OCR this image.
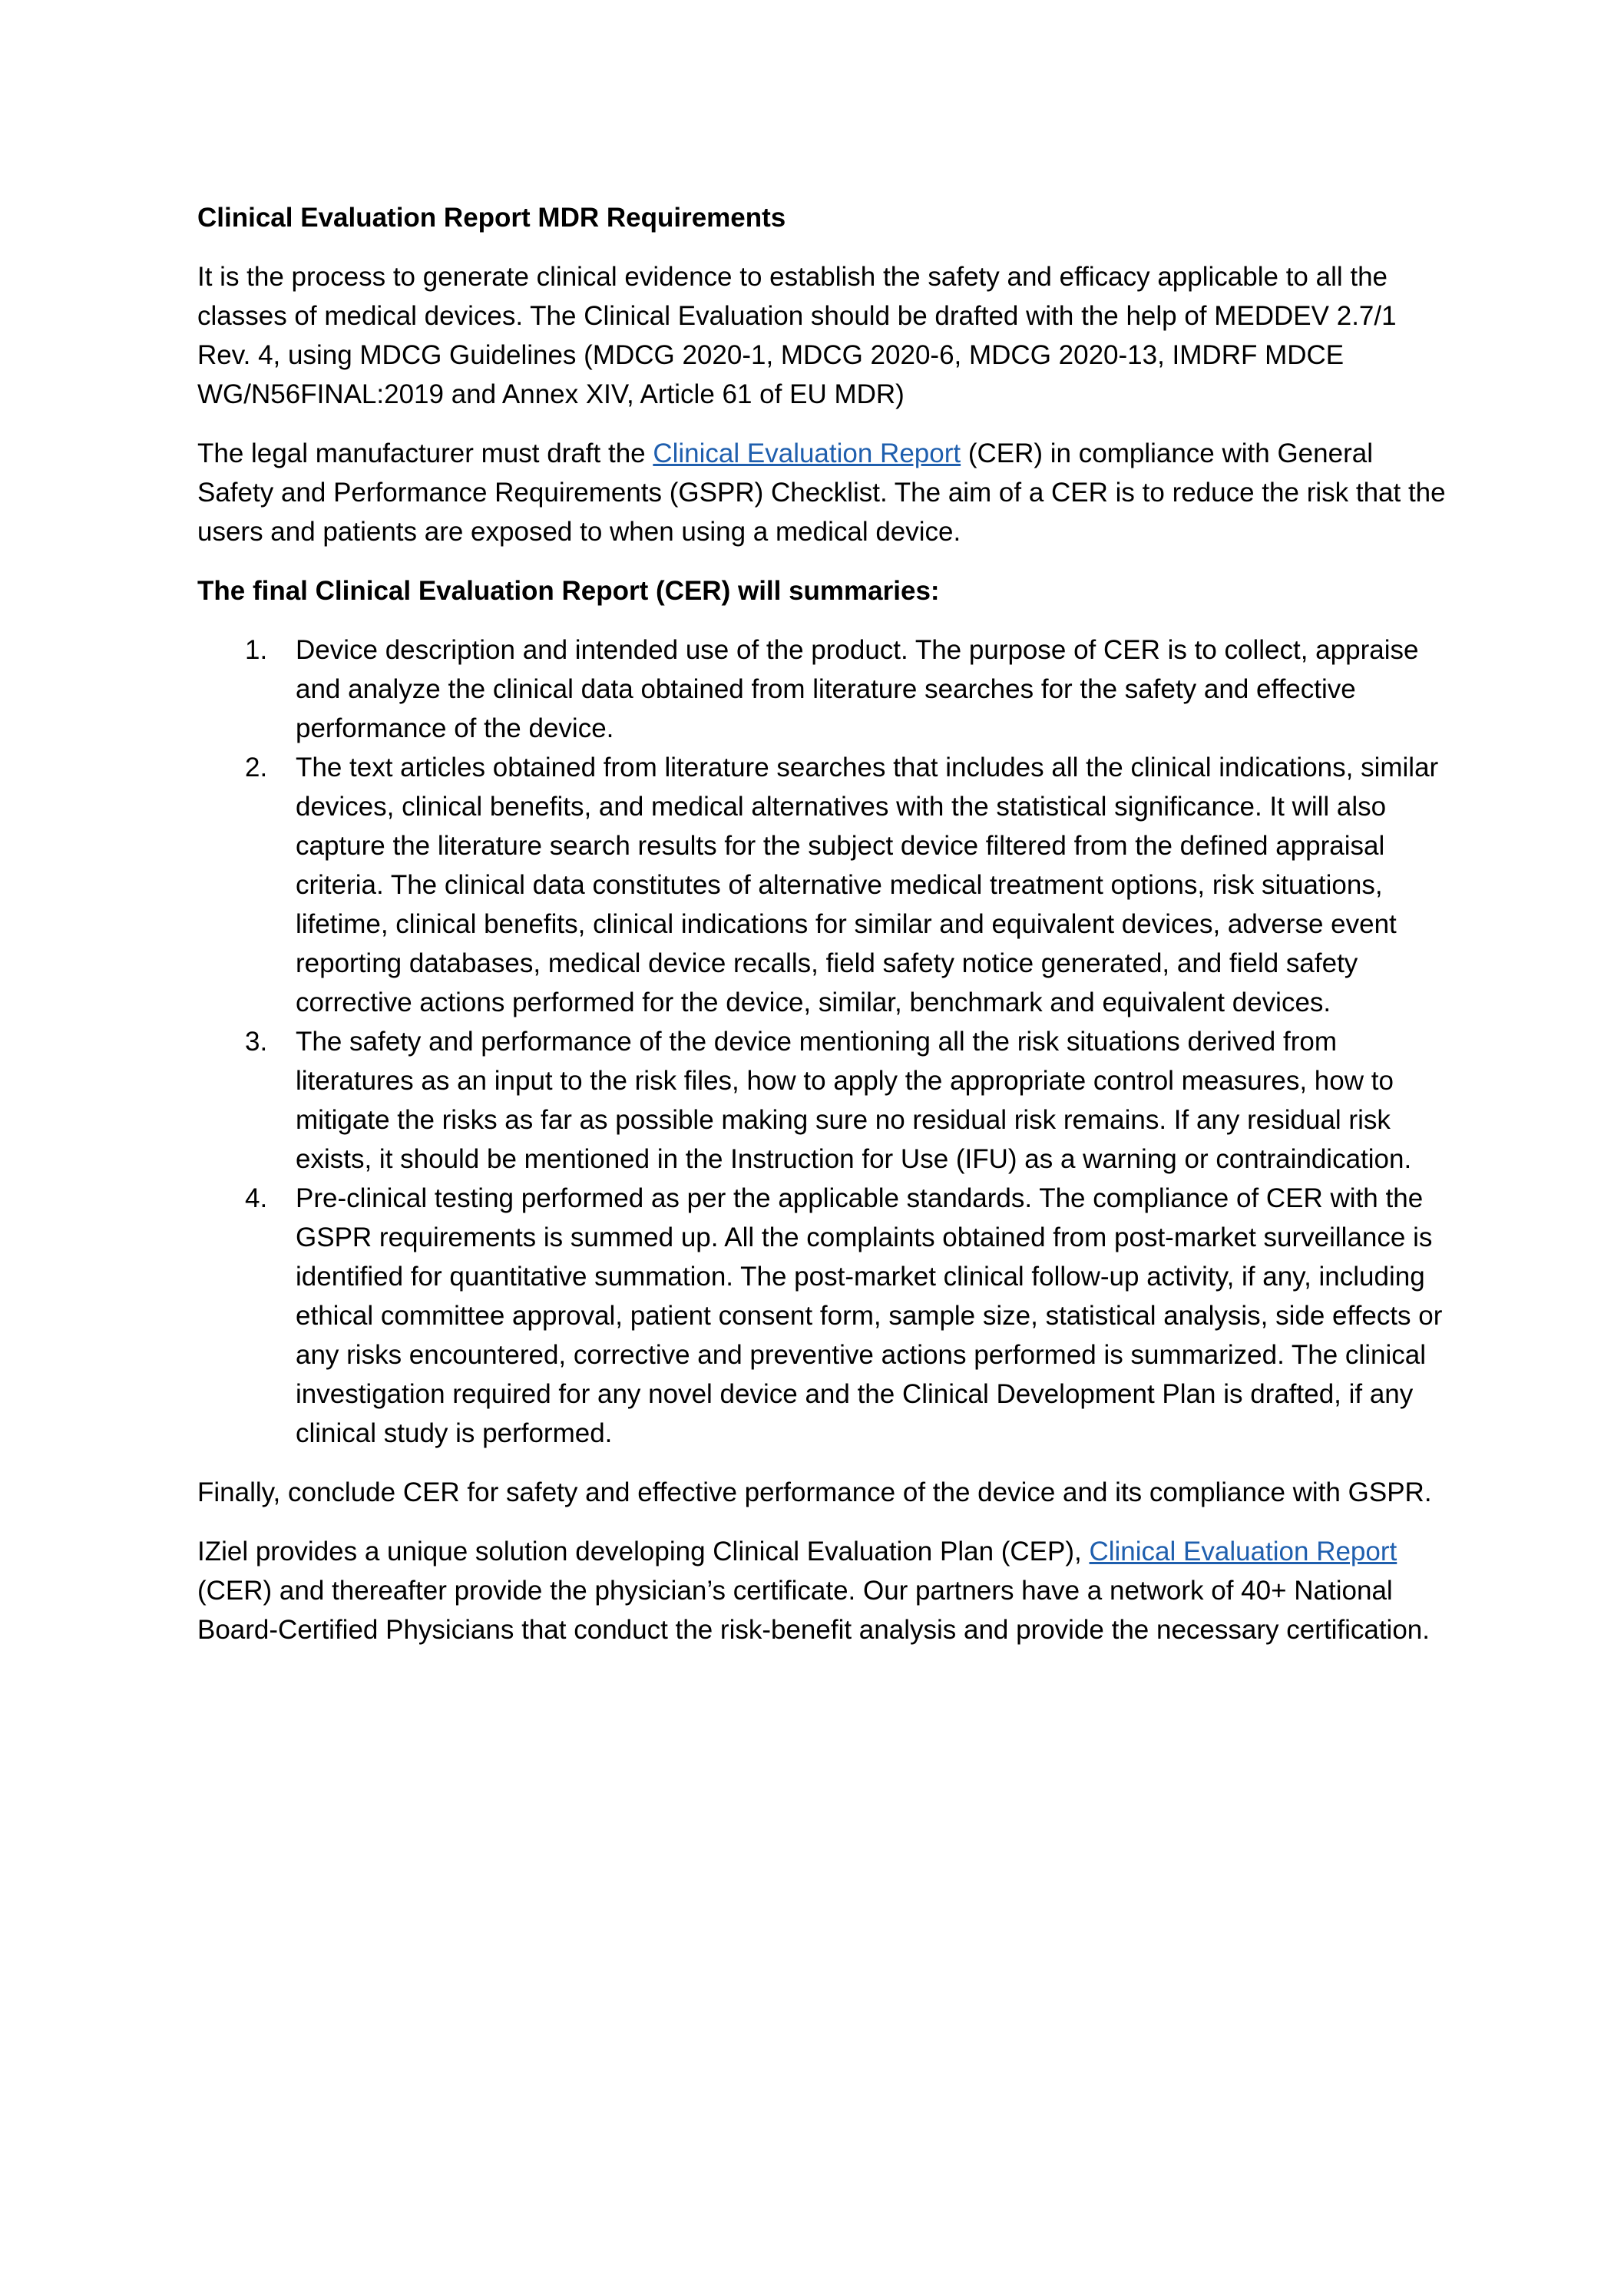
Clinical Evaluation Report MDR Requirements

It is the process to generate clinical evidence to establish the safety and efficacy applicable to all the classes of medical devices. The Clinical Evaluation should be drafted with the help of MEDDEV 2.7/1 Rev. 4, using MDCG Guidelines (MDCG 2020-1, MDCG 2020-6, MDCG 2020-13, IMDRF MDCE WG/N56FINAL:2019 and Annex XIV, Article 61 of EU MDR)

The legal manufacturer must draft the Clinical Evaluation Report (CER) in compliance with General Safety and Performance Requirements (GSPR) Checklist. The aim of a CER is to reduce the risk that the users and patients are exposed to when using a medical device.

The final Clinical Evaluation Report (CER) will summaries:

1. Device description and intended use of the product. The purpose of CER is to collect, appraise and analyze the clinical data obtained from literature searches for the safety and effective performance of the device.
2. The text articles obtained from literature searches that includes all the clinical indications, similar devices, clinical benefits, and medical alternatives with the statistical significance. It will also capture the literature search results for the subject device filtered from the defined appraisal criteria. The clinical data constitutes of alternative medical treatment options, risk situations, lifetime, clinical benefits, clinical indications for similar and equivalent devices, adverse event reporting databases, medical device recalls, field safety notice generated, and field safety corrective actions performed for the device, similar, benchmark and equivalent devices.
3. The safety and performance of the device mentioning all the risk situations derived from literatures as an input to the risk files, how to apply the appropriate control measures, how to mitigate the risks as far as possible making sure no residual risk remains. If any residual risk exists, it should be mentioned in the Instruction for Use (IFU) as a warning or contraindication.
4. Pre-clinical testing performed as per the applicable standards. The compliance of CER with the GSPR requirements is summed up. All the complaints obtained from post-market surveillance is identified for quantitative summation. The post-market clinical follow-up activity, if any, including ethical committee approval, patient consent form, sample size, statistical analysis, side effects or any risks encountered, corrective and preventive actions performed is summarized. The clinical investigation required for any novel device and the Clinical Development Plan is drafted, if any clinical study is performed.

Finally, conclude CER for safety and effective performance of the device and its compliance with GSPR.

IZiel provides a unique solution developing Clinical Evaluation Plan (CEP), Clinical Evaluation Report (CER) and thereafter provide the physician’s certificate. Our partners have a network of 40+ National Board-Certified Physicians that conduct the risk-benefit analysis and provide the necessary certification.
